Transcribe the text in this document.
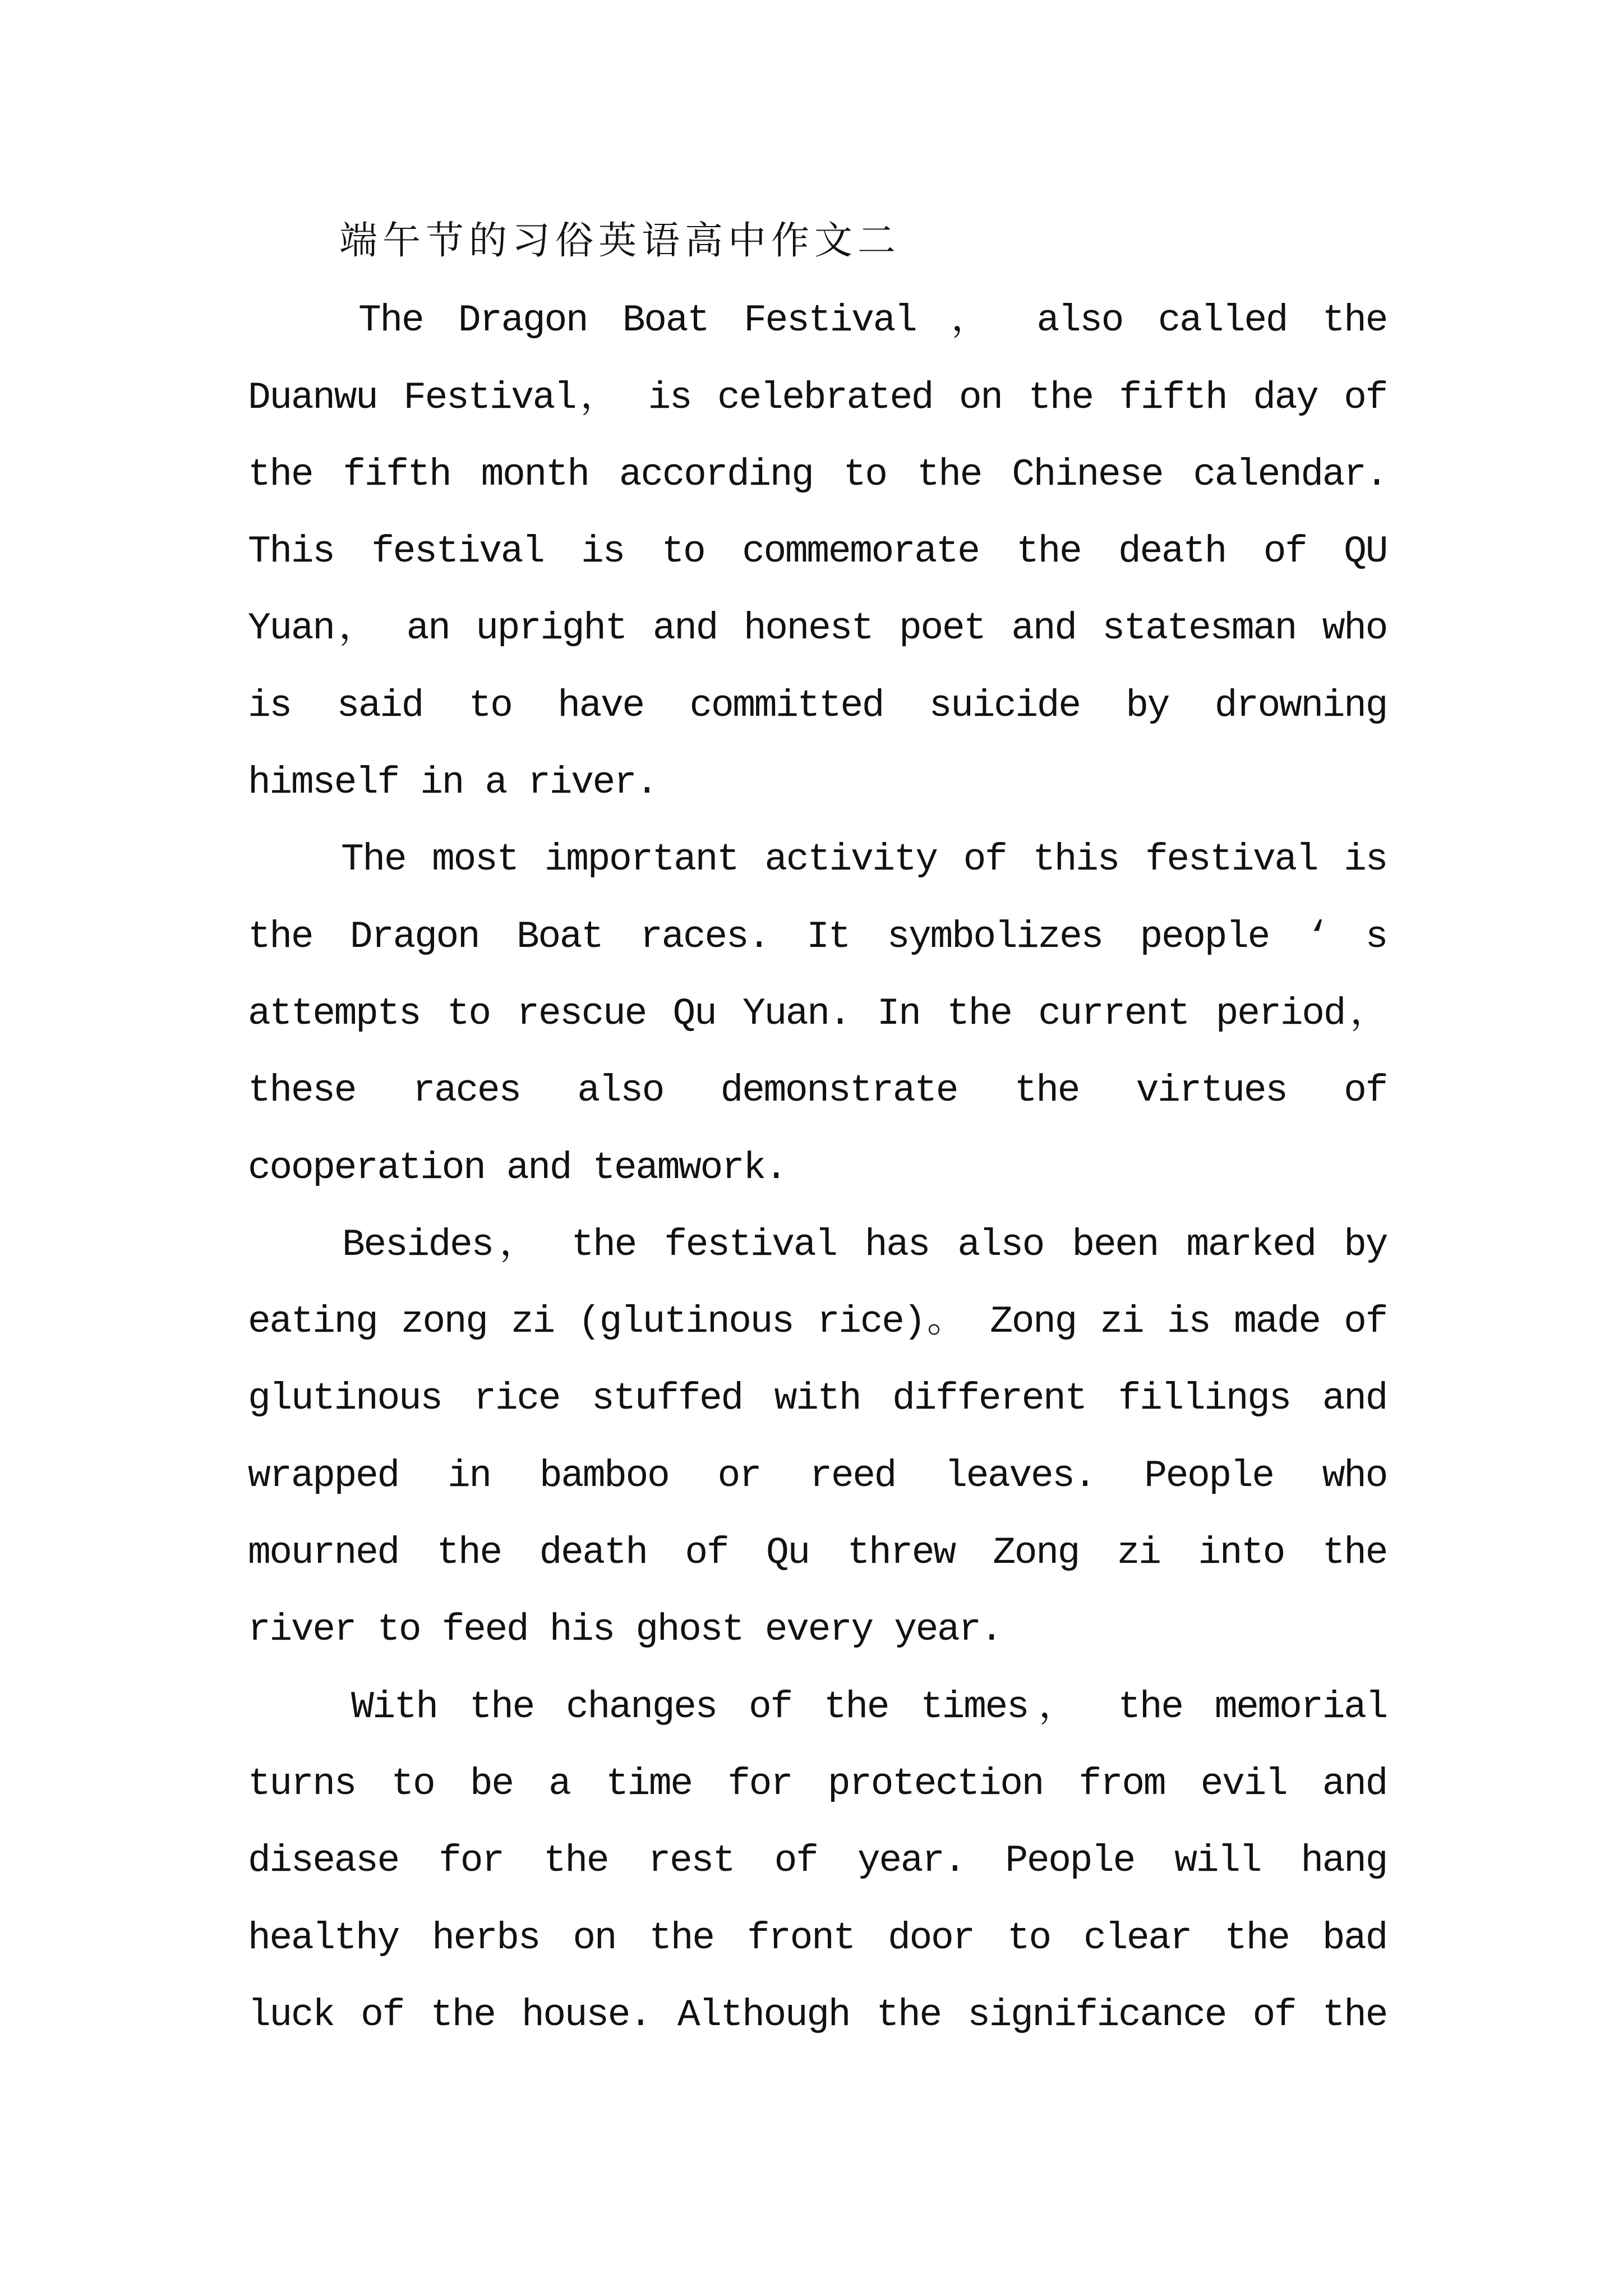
端午节的习俗英语高中作文二
The Dragon Boat Festival ， also called the
Duanwu Festival， is celebrated on the fifth day of
the fifth month according to the Chinese calendar.
This festival is to commemorate the death of QU
Yuan， an upright and honest poet and statesman who
is said to have committed suicide by drowning
himself in a river.
The most important activity of this festival is
the Dragon Boat races. It symbolizes people ‘ s
attempts to rescue Qu Yuan. In the current period，
these races also demonstrate the virtues of
cooperation and teamwork.
Besides， the festival has also been marked by
eating zong zi (glutinous rice)。 Zong zi is made of
glutinous rice stuffed with different fillings and
wrapped in bamboo or reed leaves. People who
mourned the death of Qu threw Zong zi into the
river to feed his ghost every year.
With the changes of the times， the memorial
turns to be a time for protection from evil and
disease for the rest of year. People will hang
healthy herbs on the front door to clear the bad
luck of the house. Although the significance of the
